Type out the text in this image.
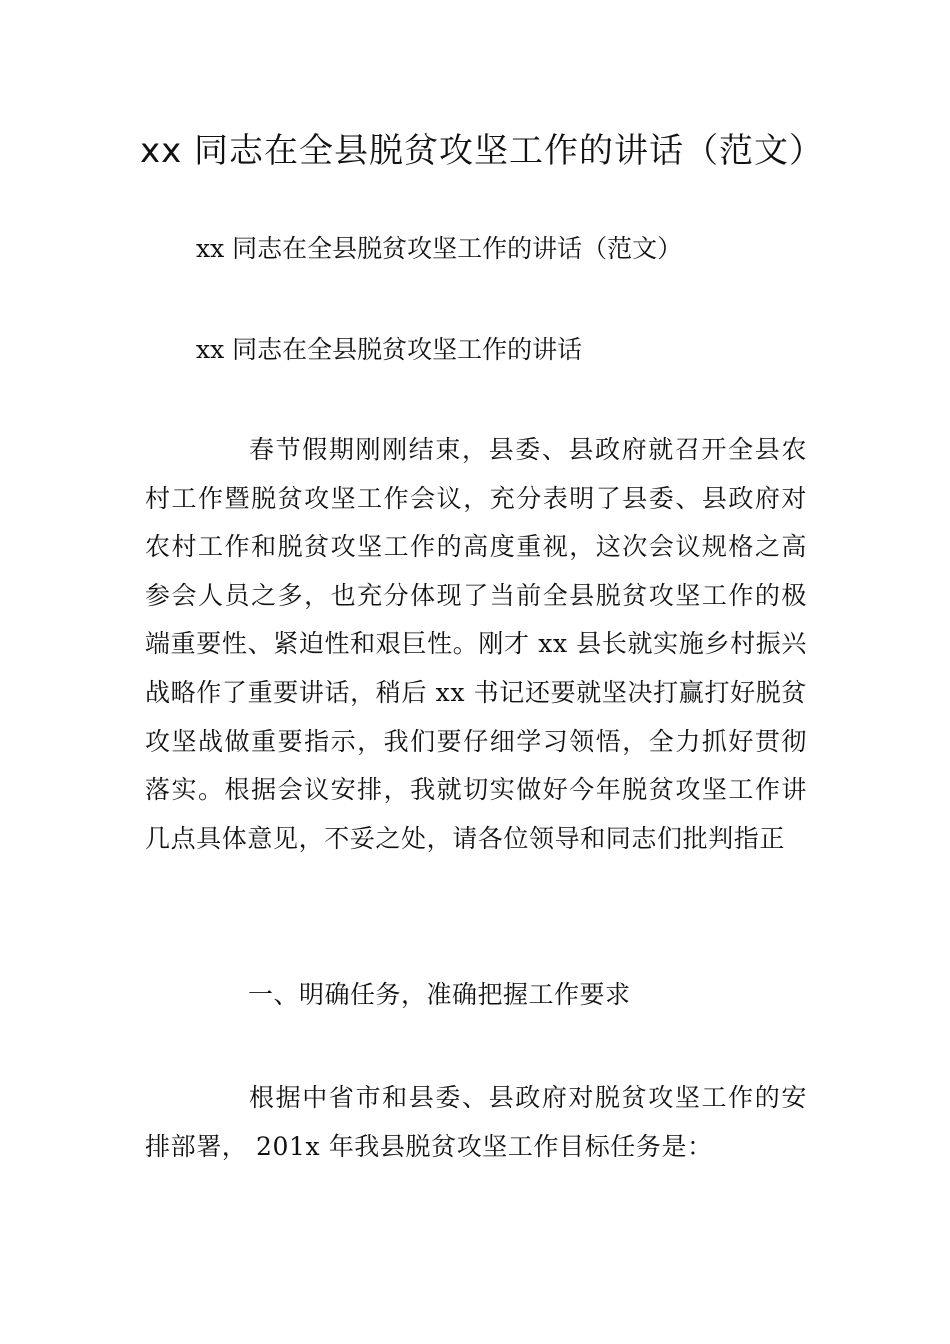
xx 同志在全县脱贫攻坚工作的讲话（范文）

xx 同志在全县脱贫攻坚工作的讲话（范文）

xx 同志在全县脱贫攻坚工作的讲话

春节假期刚刚结束，县委、县政府就召开全县农村工作暨脱贫攻坚工作会议，充分表明了县委、县政府对农村工作和脱贫攻坚工作的高度重视，这次会议规格之高参会人员之多，也充分体现了当前全县脱贫攻坚工作的极端重要性、紧迫性和艰巨性。刚才 xx 县长就实施乡村振兴战略作了重要讲话，稍后 xx 书记还要就坚决打赢打好脱贫攻坚战做重要指示，我们要仔细学习领悟，全力抓好贯彻落实。根据会议安排，我就切实做好今年脱贫攻坚工作讲几点具体意见，不妥之处，请各位领导和同志们批判指正

一、明确任务，准确把握工作要求

根据中省市和县委、县政府对脱贫攻坚工作的安排部署， 201x 年我县脱贫攻坚工作目标任务是：
